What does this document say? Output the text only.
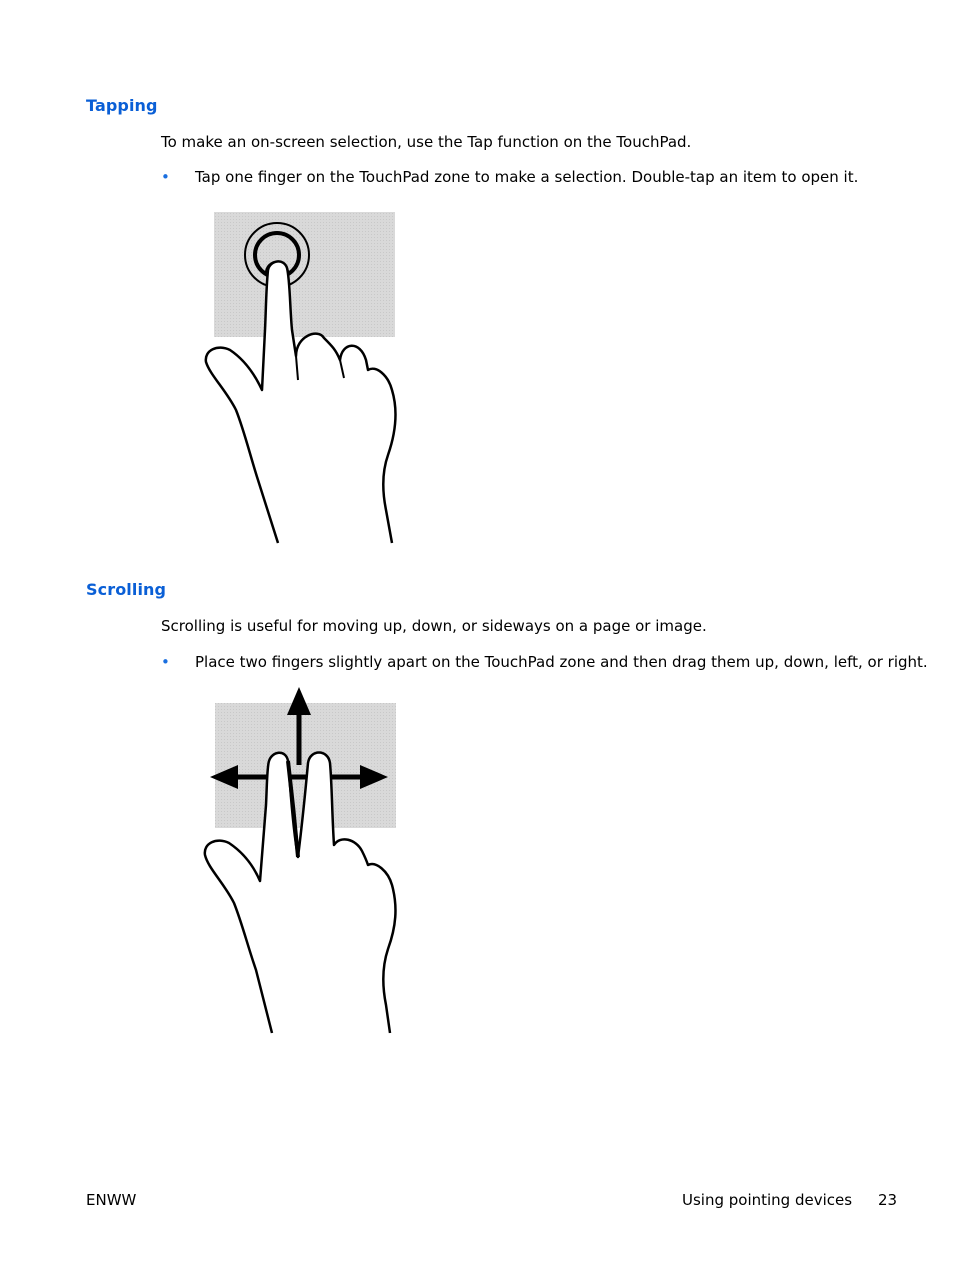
Tapping

To make an on-screen selection, use the Tap function on the TouchPad.

• Tap one finger on the TouchPad zone to make a selection. Double-tap an item to open it.
Scrolling

Scrolling is useful for moving up, down, or sideways on a page or image.

• Place two fingers slightly apart on the TouchPad zone and then drag them up, down, left, or right.
ENWW	Using pointing devices 23
